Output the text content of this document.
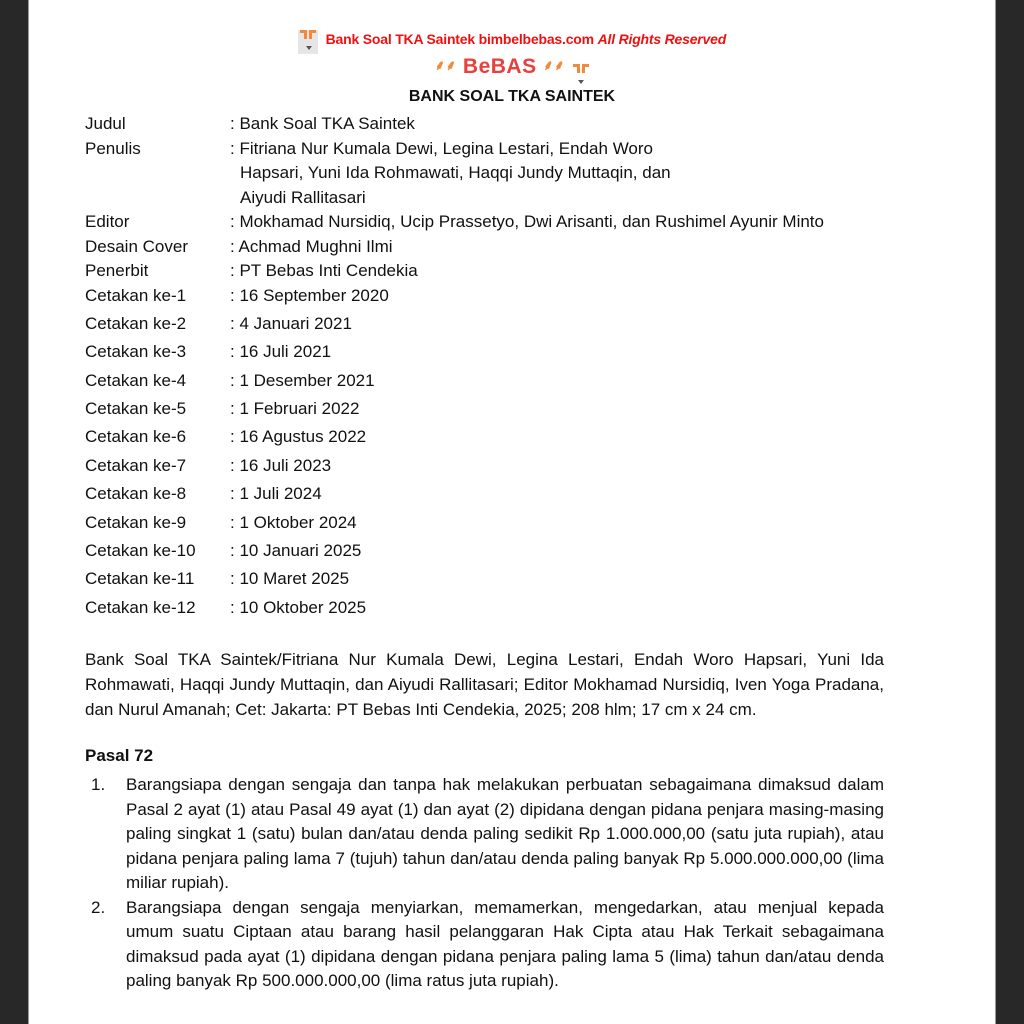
Bank Soal TKA Saintek bimbelbebas.com All Rights Reserved
⸙⸙ BeBAS ⸙⸙
BANK SOAL TKA SAINTEK
Judul	: Bank Soal TKA Saintek
Penulis	: Fitriana Nur Kumala Dewi, Legina Lestari, Endah Woro
Hapsari, Yuni Ida Rohmawati, Haqqi Jundy Muttaqin, dan
Aiyudi Rallitasari
Editor	: Mokhamad Nursidiq, Ucip Prassetyo, Dwi Arisanti, dan Rushimel Ayunir Minto
Desain Cover	: Achmad Mughni Ilmi
Penerbit	: PT Bebas Inti Cendekia
Cetakan ke-1	: 16 September 2020
Cetakan ke-2	: 4 Januari 2021
Cetakan ke-3	: 16 Juli 2021
Cetakan ke-4	: 1 Desember 2021
Cetakan ke-5	: 1 Februari 2022
Cetakan ke-6	: 16 Agustus 2022
Cetakan ke-7	: 16 Juli 2023
Cetakan ke-8	: 1 Juli 2024
Cetakan ke-9	: 1 Oktober 2024
Cetakan ke-10	: 10 Januari 2025
Cetakan ke-11	: 10 Maret 2025
Cetakan ke-12	: 10 Oktober 2025
Bank Soal TKA Saintek/Fitriana Nur Kumala Dewi, Legina Lestari, Endah Woro Hapsari, Yuni Ida Rohmawati, Haqqi Jundy Muttaqin, dan Aiyudi Rallitasari; Editor Mokhamad Nursidiq, Iven Yoga Pradana, dan Nurul Amanah; Cet: Jakarta: PT Bebas Inti Cendekia, 2025; 208 hlm; 17 cm x 24 cm.
Pasal 72
1.	Barangsiapa dengan sengaja dan tanpa hak melakukan perbuatan sebagaimana dimaksud dalam Pasal 2 ayat (1) atau Pasal 49 ayat (1) dan ayat (2) dipidana dengan pidana penjara masing-masing paling singkat 1 (satu) bulan dan/atau denda paling sedikit Rp 1.000.000,00 (satu juta rupiah), atau pidana penjara paling lama 7 (tujuh) tahun dan/atau denda paling banyak Rp 5.000.000.000,00 (lima miliar rupiah).
2.	Barangsiapa dengan sengaja menyiarkan, memamerkan, mengedarkan, atau menjual kepada umum suatu Ciptaan atau barang hasil pelanggaran Hak Cipta atau Hak Terkait sebagaimana dimaksud pada ayat (1) dipidana dengan pidana penjara paling lama 5 (lima) tahun dan/atau denda paling banyak Rp 500.000.000,00 (lima ratus juta rupiah).
